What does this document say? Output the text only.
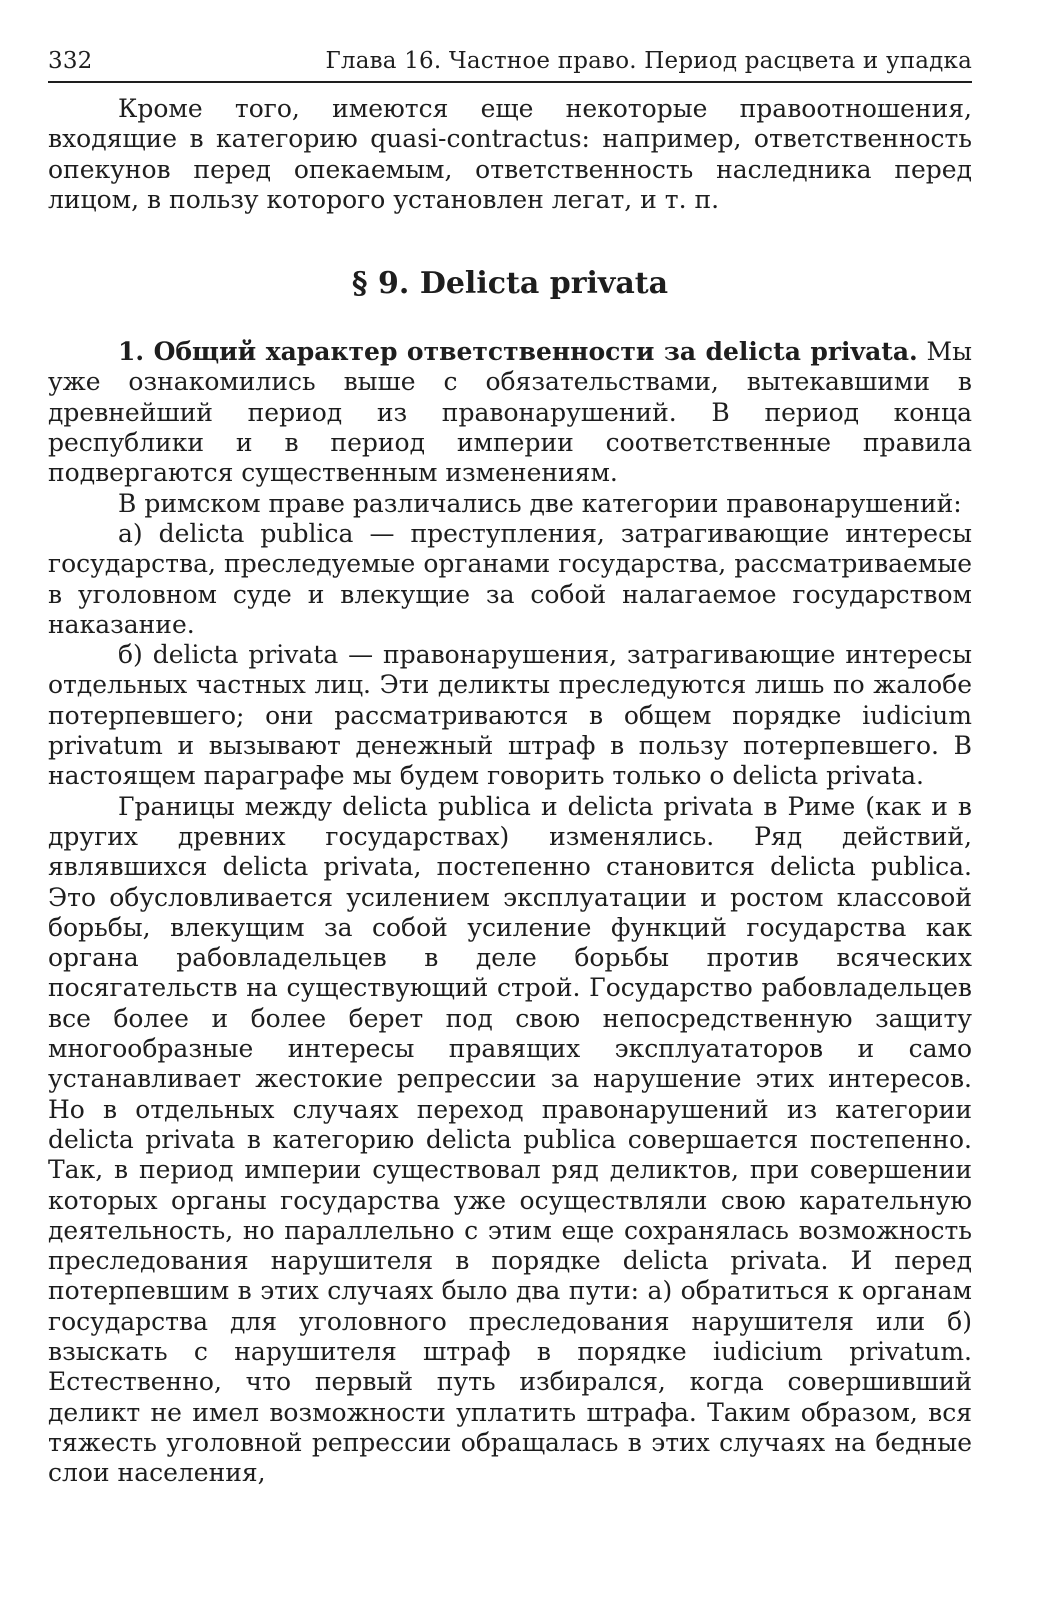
332	Глава 16. Частное право. Период расцвета и упадка

Кроме того, имеются еще некоторые правоотношения, входящие в категорию quasi-contractus: например, ответственность опекунов перед опекаемым, ответственность наследника перед лицом, в пользу которого установлен легат, и т. п.

§ 9. Delicta privata

1. Общий характер ответственности за delicta privata. Мы уже ознакомились выше с обязательствами, вытекавшими в древнейший период из правонарушений. В период конца республики и в период империи соответственные правила подвергаются существенным изменениям.

В римском праве различались две категории правонарушений:

а) delicta publica — преступления, затрагивающие интересы государства, преследуемые органами государства, рассматриваемые в уголовном суде и влекущие за собой налагаемое государством наказание.

б) delicta privata — правонарушения, затрагивающие интересы отдельных частных лиц. Эти деликты преследуются лишь по жалобе потерпевшего; они рассматриваются в общем порядке iudicium privatum и вызывают денежный штраф в пользу потерпевшего. В настоящем параграфе мы будем говорить только о delicta privata.

Границы между delicta publica и delicta privata в Риме (как и в других древних государствах) изменялись. Ряд действий, являвшихся delicta privata, постепенно становится delicta publica. Это обусловливается усилением эксплуатации и ростом классовой борьбы, влекущим за собой усиление функций государства как органа рабовладельцев в деле борьбы против всяческих посягательств на существующий строй. Государство рабовладельцев все более и более берет под свою непосредственную защиту многообразные интересы правящих эксплуататоров и само устанавливает жестокие репрессии за нарушение этих интересов. Но в отдельных случаях переход правонарушений из категории delicta privata в категорию delicta publica совершается постепенно. Так, в период империи существовал ряд деликтов, при совершении которых органы государства уже осуществляли свою карательную деятельность, но параллельно с этим еще сохранялась возможность преследования нарушителя в порядке delicta privata. И перед потерпевшим в этих случаях было два пути: а) обратиться к органам государства для уголовного преследования нарушителя или б) взыскать с нарушителя штраф в порядке iudicium privatum. Естественно, что первый путь избирался, когда совершивший деликт не имел возможности уплатить штрафа. Таким образом, вся тяжесть уголовной репрессии обращалась в этих случаях на бедные слои населения,
